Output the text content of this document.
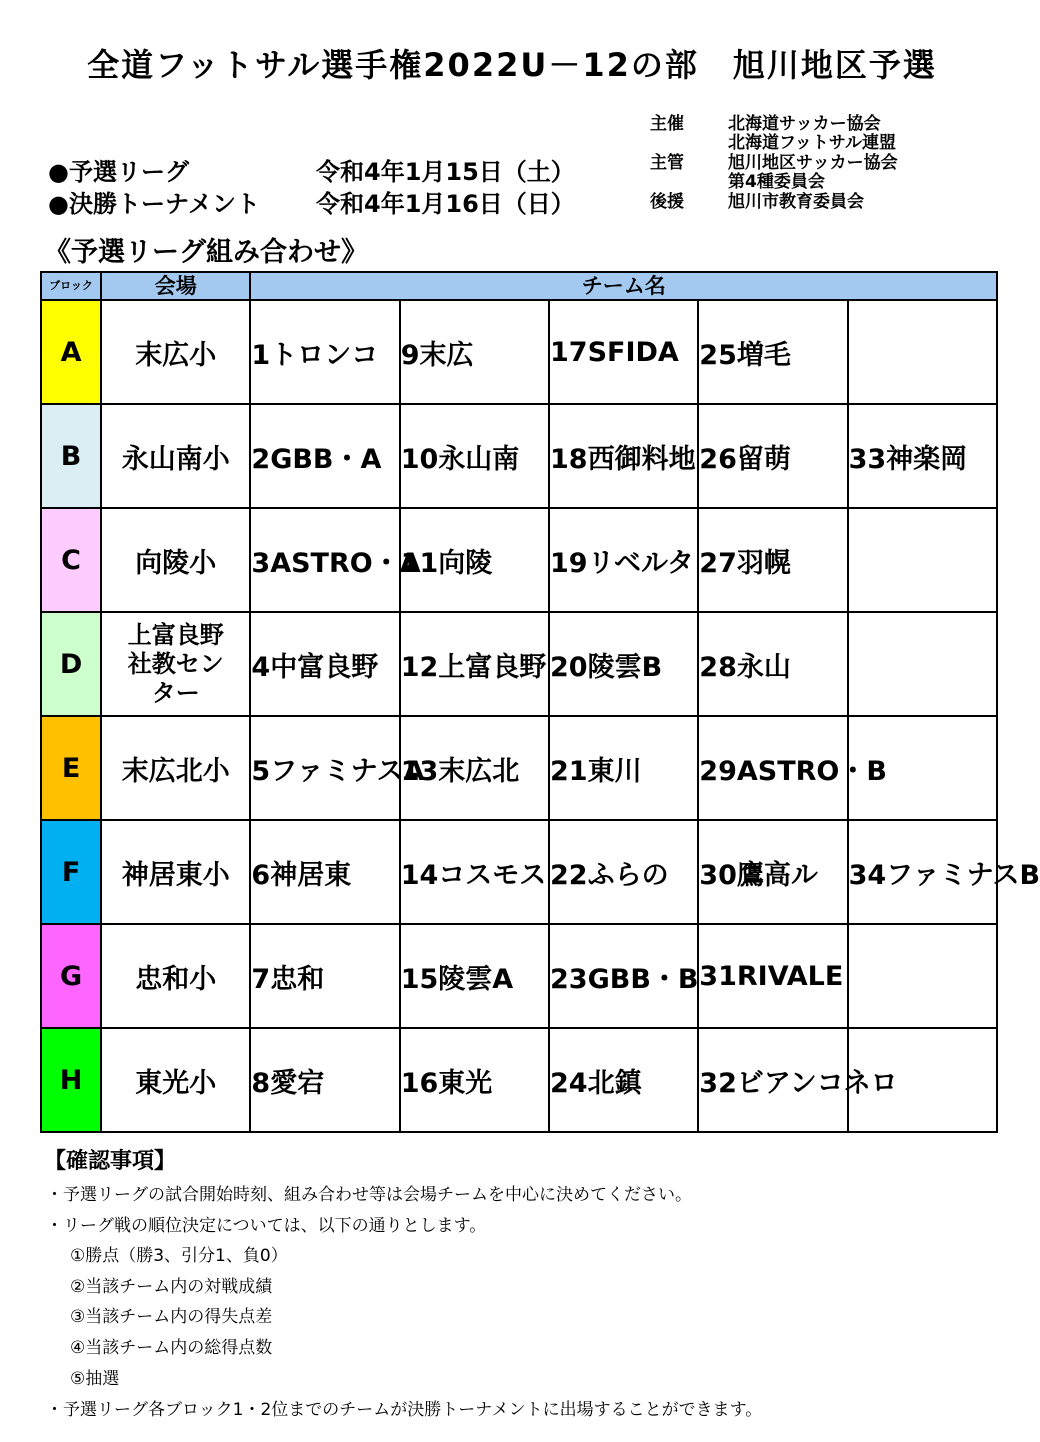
全道フットサル選手権2022U－12の部　旭川地区予選
●予選リーグ	令和4年1月15日（土）
●決勝トーナメント 令和4年1月16日（日）
主催	北海道サッカー協会
北海道フットサル連盟
主管	旭川地区サッカー協会
第4種委員会
後援	旭川市教育委員会
《予選リーグ組み合わせ》
ブロック	会場	チーム名				
A	末広小	1トロンコ	9末広	17SFIDA	25増毛	
B	永山南小	2GBB・A	10永山南	18西御料地	26留萌	33神楽岡
C	向陵小	3ASTRO・A	11向陵	19リベルタ	27羽幌	
D	上富良野
社教セン
ター	4中富良野	12上富良野	20陵雲B	28永山	
E	末広北小	5ファミナスA	13末広北	21東川	29ASTRO・B	
F	神居東小	6神居東	14コスモス	22ふらの	30鷹高ル	34ファミナスB
G	忠和小	7忠和	15陵雲A	23GBB・B	31RIVALE	
H	東光小	8愛宕	16東光	24北鎮	32ビアンコネロ	
【確認事項】
・予選リーグの試合開始時刻、組み合わせ等は会場チームを中心に決めてください。
・リーグ戦の順位決定については、以下の通りとします。
①勝点（勝3、引分1、負0）
②当該チーム内の対戦成績
③当該チーム内の得失点差
④当該チーム内の総得点数
⑤抽選
・予選リーグ各ブロック1・2位までのチームが決勝トーナメントに出場することができます。
